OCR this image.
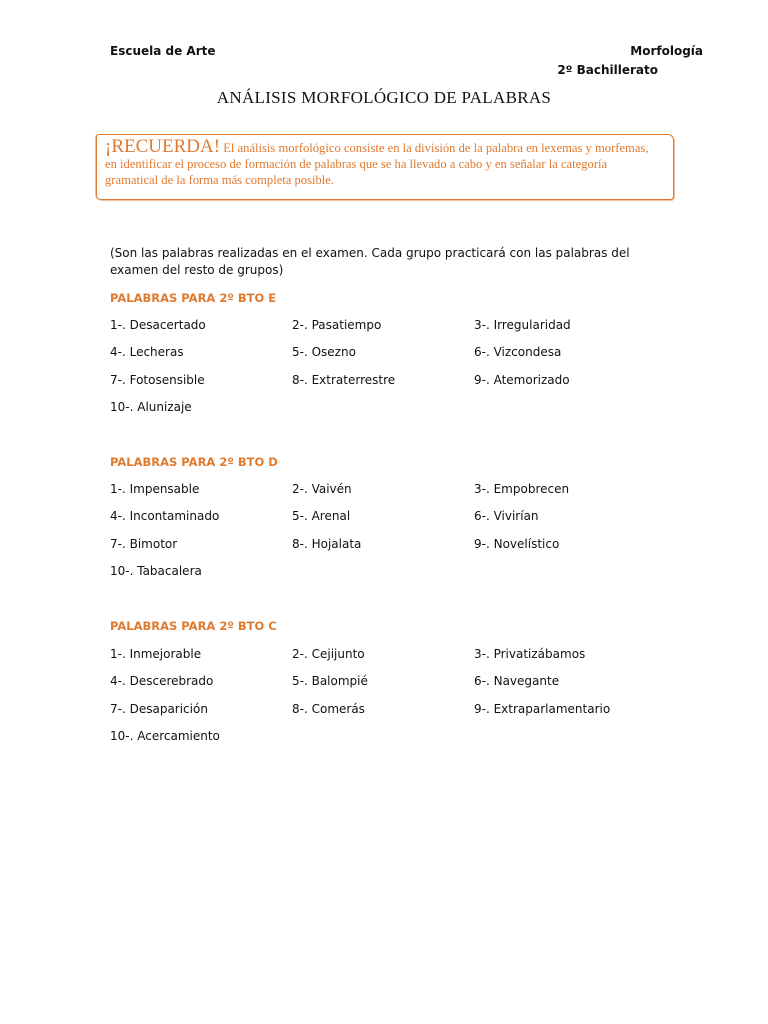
Escuela de Arte	Morfología
2º Bachillerato
ANÁLISIS MORFOLÓGICO DE PALABRAS
¡RECUERDA! El análisis morfológico consiste en la división de la palabra en lexemas y morfemas, en identificar el proceso de formación de palabras que se ha llevado a cabo y en señalar la categoría gramatical de la forma más completa posible.
(Son las palabras realizadas en el examen. Cada grupo practicará con las palabras del examen del resto de grupos)
PALABRAS PARA 2º BTO E
1-. Desacertado	2-. Pasatiempo	3-. Irregularidad
4-. Lecheras	5-. Osezno	6-. Vizcondesa
7-. Fotosensible	8-. Extraterrestre	9-. Atemorizado
10-. Alunizaje
PALABRAS PARA 2º BTO D
1-. Impensable	2-. Vaivén	3-. Empobrecen
4-. Incontaminado	5-. Arenal	6-. Vivirían
7-. Bimotor	8-. Hojalata	9-. Novelístico
10-. Tabacalera
PALABRAS PARA 2º BTO C
1-. Inmejorable	2-. Cejijunto	3-. Privatizábamos
4-. Descerebrado	5-. Balompié	6-. Navegante
7-. Desaparición	8-. Comerás	9-. Extraparlamentario
10-. Acercamiento
